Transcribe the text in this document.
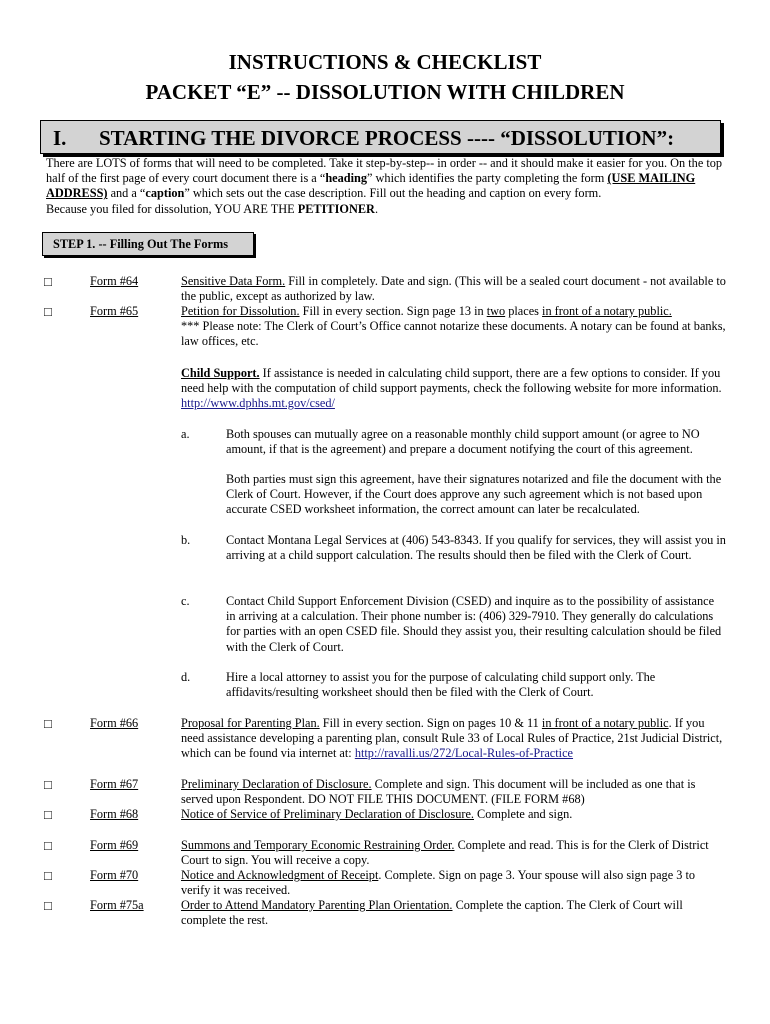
INSTRUCTIONS & CHECKLIST
PACKET “E” -- DISSOLUTION WITH CHILDREN
I. STARTING THE DIVORCE PROCESS ---- “DISSOLUTION”:
There are LOTS of forms that will need to be completed. Take it step-by-step-- in order -- and it should make it easier for you. On the top half of the first page of every court document there is a “heading” which identifies the party completing the form (USE MAILING ADDRESS) and a “caption” which sets out the case description. Fill out the heading and caption on every form.
Because you filed for dissolution, YOU ARE THE PETITIONER.
STEP 1. -- Filling Out The Forms
□	Form #64	Sensitive Data Form. Fill in completely. Date and sign. (This will be a sealed court document - not available to the public, except as authorized by law.
□	Form #65	Petition for Dissolution. Fill in every section. Sign page 13 in two places in front of a notary public.
*** Please note: The Clerk of Court’s Office cannot notarize these documents. A notary can be found at banks, law offices, etc.
Child Support. If assistance is needed in calculating child support, there are a few options to consider. If you need help with the computation of child support payments, check the following website for more information. http://www.dphhs.mt.gov/csed/
a.	Both spouses can mutually agree on a reasonable monthly child support amount (or agree to NO amount, if that is the agreement) and prepare a document notifying the court of this agreement.
Both parties must sign this agreement, have their signatures notarized and file the document with the Clerk of Court. However, if the Court does approve any such agreement which is not based upon accurate CSED worksheet information, the correct amount can later be recalculated.
b.	Contact Montana Legal Services at (406) 543-8343. If you qualify for services, they will assist you in arriving at a child support calculation. The results should then be filed with the Clerk of Court.
c.	Contact Child Support Enforcement Division (CSED) and inquire as to the possibility of assistance in arriving at a calculation. Their phone number is: (406) 329-7910. They generally do calculations for parties with an open CSED file. Should they assist you, their resulting calculation should be filed with the Clerk of Court.
d.	Hire a local attorney to assist you for the purpose of calculating child support only. The affidavits/resulting worksheet should then be filed with the Clerk of Court.
□	Form #66	Proposal for Parenting Plan. Fill in every section. Sign on pages 10 & 11 in front of a notary public. If you need assistance developing a parenting plan, consult Rule 33 of Local Rules of Practice, 21st Judicial District, which can be found via internet at: http://ravalli.us/272/Local-Rules-of-Practice
□	Form #67	Preliminary Declaration of Disclosure. Complete and sign. This document will be included as one that is served upon Respondent. DO NOT FILE THIS DOCUMENT. (FILE FORM #68)
□	Form #68	Notice of Service of Preliminary Declaration of Disclosure. Complete and sign.
□	Form #69	Summons and Temporary Economic Restraining Order. Complete and read. This is for the Clerk of District Court to sign. You will receive a copy.
□	Form #70	Notice and Acknowledgment of Receipt. Complete. Sign on page 3. Your spouse will also sign page 3 to verify it was received.
□	Form #75a	Order to Attend Mandatory Parenting Plan Orientation. Complete the caption. The Clerk of Court will complete the rest.
